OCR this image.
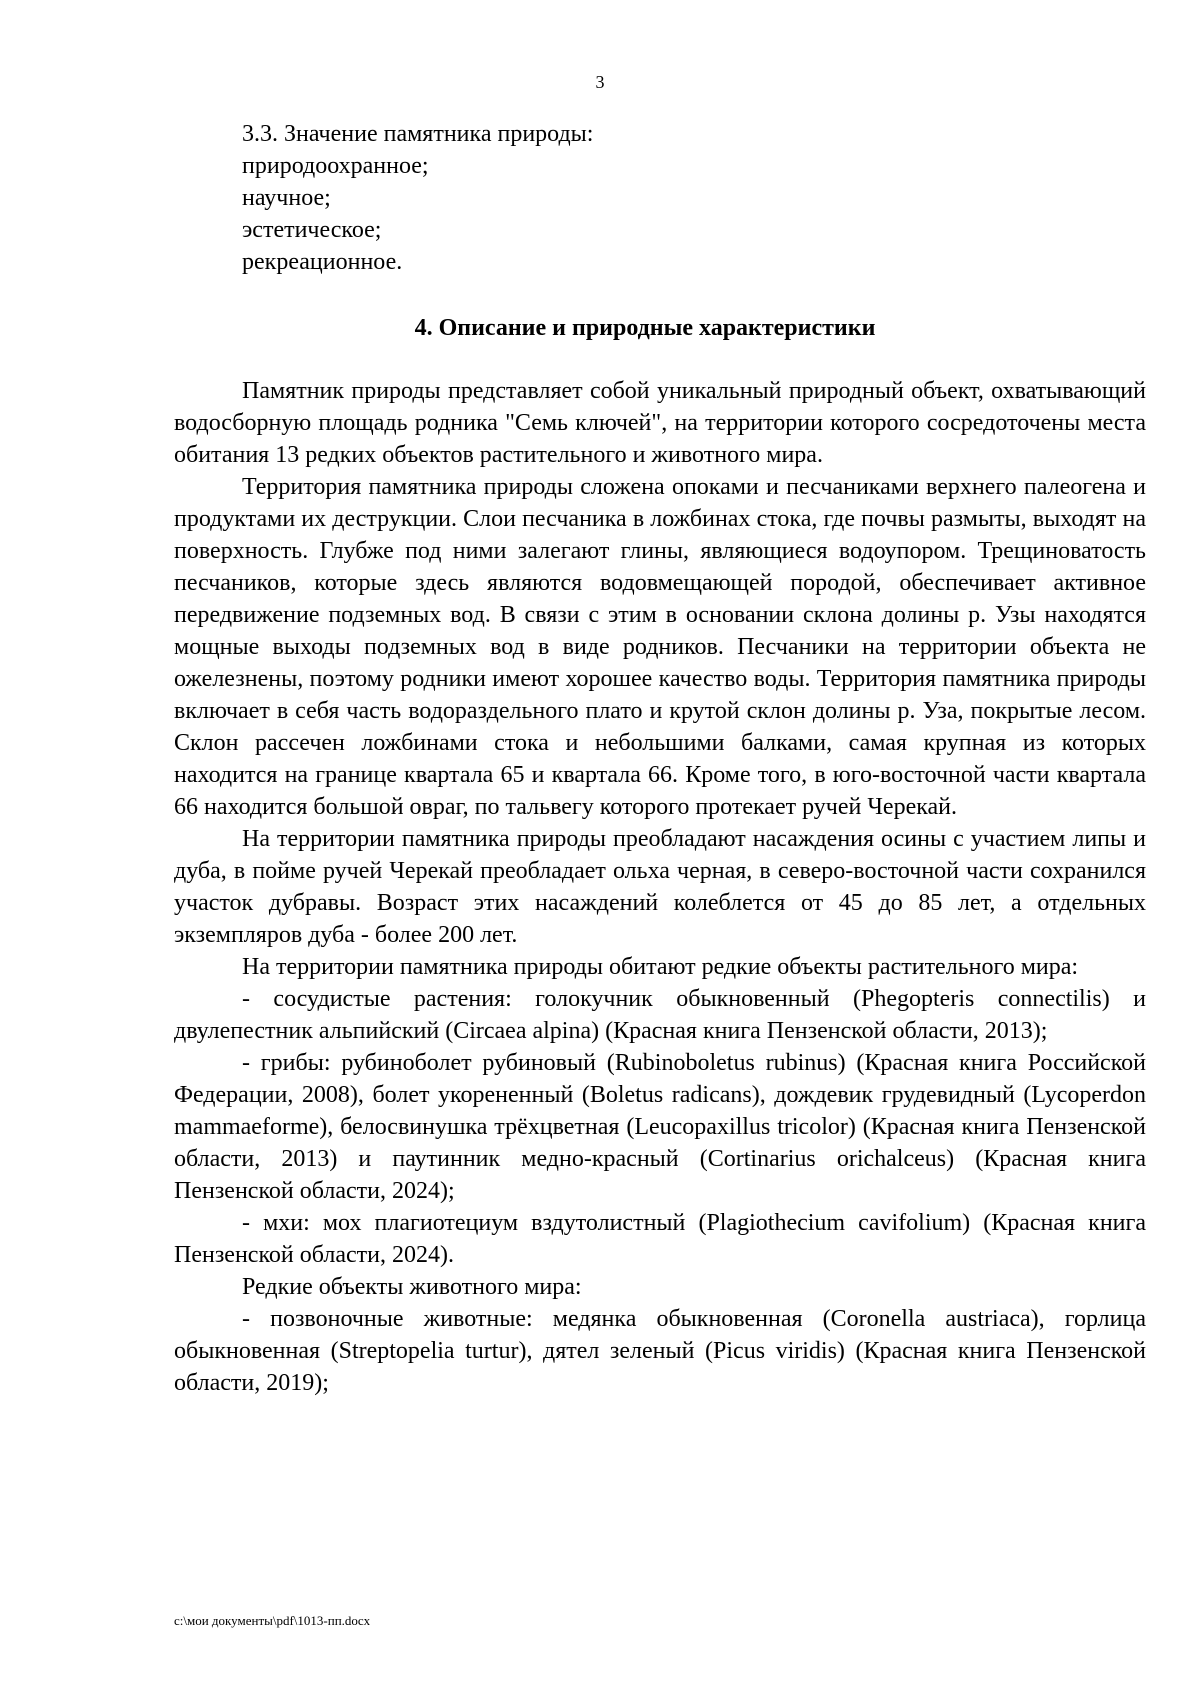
3
3.3. Значение памятника природы:
природоохранное;
научное;
эстетическое;
рекреационное.
4. Описание и природные характеристики

Памятник природы представляет собой уникальный природный объект, охватывающий водосборную площадь родника "Семь ключей", на территории которого сосредоточены места обитания 13 редких объектов растительного и животного мира.

Территория памятника природы сложена опоками и песчаниками верхнего палеогена и продуктами их деструкции. Слои песчаника в ложбинах стока, где почвы размыты, выходят на поверхность. Глубже под ними залегают глины, являющиеся водоупором. Трещиноватость песчаников, которые здесь являются водовмещающей породой, обеспечивает активное передвижение подземных вод. В связи с этим в основании склона долины р. Узы находятся мощные выходы подземных вод в виде родников. Песчаники на территории объекта не ожелезнены, поэтому родники имеют хорошее качество воды. Территория памятника природы включает в себя часть водораздельного плато и крутой склон долины р. Уза, покрытые лесом. Склон рассечен ложбинами стока и небольшими балками, самая крупная из которых находится на границе квартала 65 и квартала 66. Кроме того, в юго-восточной части квартала 66 находится большой овраг, по тальвегу которого протекает ручей Черекай.

На территории памятника природы преобладают насаждения осины с участием липы и дуба, в пойме ручей Черекай преобладает ольха черная, в северо-восточной части сохранился участок дубравы. Возраст этих насаждений колеблется от 45 до 85 лет, а отдельных экземпляров дуба - более 200 лет.

На территории памятника природы обитают редкие объекты растительного мира:

- сосудистые растения: голокучник обыкновенный (Phegopteris connectilis) и двулепестник альпийский (Circaea alpina) (Красная книга Пензенской области, 2013);

- грибы: рубиноболет рубиновый (Rubinoboletus rubinus) (Красная книга Российской Федерации, 2008), болет укорененный (Boletus radicans), дождевик грудевидный (Lycoperdon mammaeforme), белосвинушка трёхцветная (Leucopaxillus tricolor) (Красная книга Пензенской области, 2013) и паутинник медно-красный (Cortinarius orichalceus) (Красная книга Пензенской области, 2024);

- мхи: мох плагиотециум вздутолистный (Plagiothecium cavifolium) (Красная книга Пензенской области, 2024).

Редкие объекты животного мира:

- позвоночные животные: медянка обыкновенная (Coronella austriaca), горлица обыкновенная (Streptopelia turtur), дятел зеленый (Picus viridis) (Красная книга Пензенской области, 2019);

c:\мои документы\pdf\1013-пп.docx
